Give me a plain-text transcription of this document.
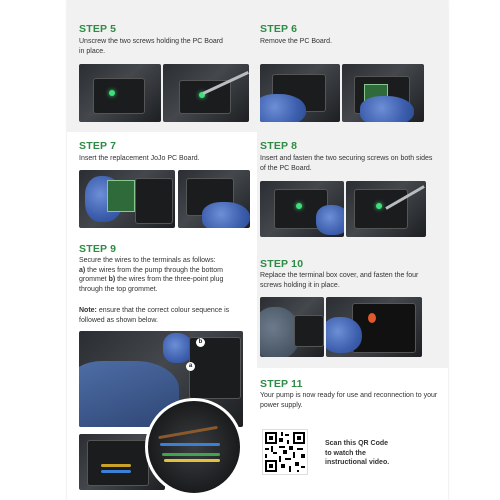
STEP 5
Unscrew the two screws holding the PC Board in place.
STEP 6
Remove the PC Board.
STEP 7
Insert the replacement JoJo PC Board.
STEP 8
Insert and fasten the two securing screws on both sides of the PC Board.
STEP 9
Secure the wires to the terminals as follows:
a) the wires from the pump through the bottom grommet b) the wires from the three-point plug through the top grommet.
Note: ensure that the correct colour sequence is followed as shown below.
a
b
STEP 10
Replace the terminal box cover, and fasten the four screws holding it in place.
STEP 11
Your pump is now ready for use and reconnection to your power supply.
Scan this QR Code to watch the instructional video.
